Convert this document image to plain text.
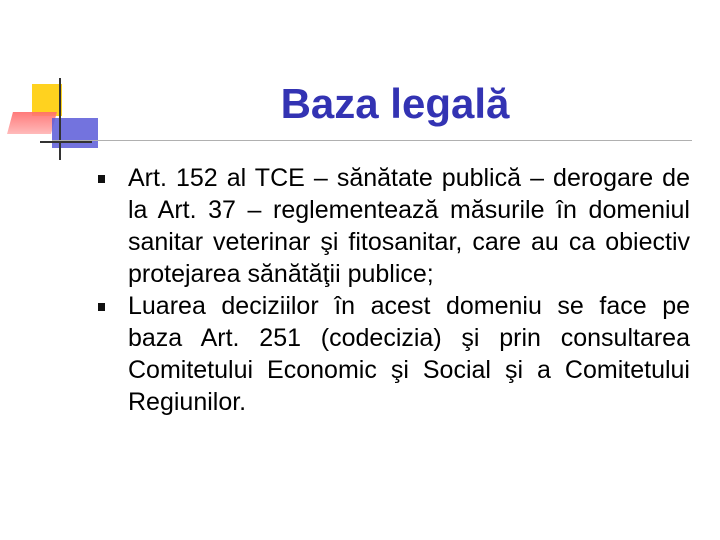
Baza legală
Art. 152 al TCE – sănătate publică – derogare de la Art. 37 – reglementează măsurile în domeniul sanitar veterinar şi fitosanitar, care au ca obiectiv protejarea sănătăţii publice;
Luarea deciziilor în acest domeniu se face pe baza Art. 251 (codecizia) şi prin consultarea Comitetului Economic şi Social şi a Comitetului Regiunilor.
